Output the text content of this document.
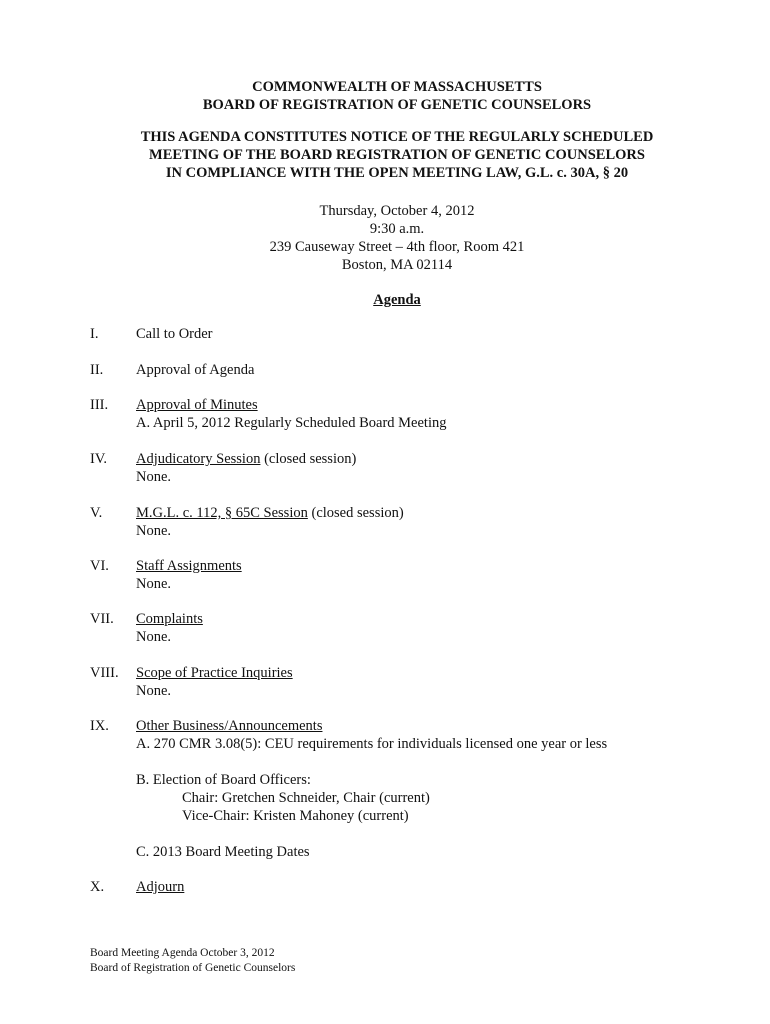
COMMONWEALTH OF MASSACHUSETTS
BOARD OF REGISTRATION OF GENETIC COUNSELORS
THIS AGENDA CONSTITUTES NOTICE OF THE REGULARLY SCHEDULED
MEETING OF THE BOARD REGISTRATION OF GENETIC COUNSELORS
IN COMPLIANCE WITH THE OPEN MEETING LAW, G.L. c. 30A, § 20
Thursday, October 4, 2012
9:30 a.m.
239 Causeway Street – 4th floor, Room 421
Boston, MA 02114
Agenda
I.	Call to Order
II. Approval of Agenda
III. Approval of Minutes
A. April 5, 2012 Regularly Scheduled Board Meeting
IV. Adjudicatory Session (closed session)
None.
V. M.G.L. c. 112, § 65C Session (closed session)
None.
VI. Staff Assignments
None.
VII. Complaints
None.
VIII. Scope of Practice Inquiries
None.
IX. Other Business/Announcements
A. 270 CMR 3.08(5): CEU requirements for individuals licensed one year or less
B. Election of Board Officers:
Chair: Gretchen Schneider, Chair (current)
Vice-Chair: Kristen Mahoney (current)
C. 2013 Board Meeting Dates
X. Adjourn
Board Meeting Agenda October 3, 2012
Board of Registration of Genetic Counselors
